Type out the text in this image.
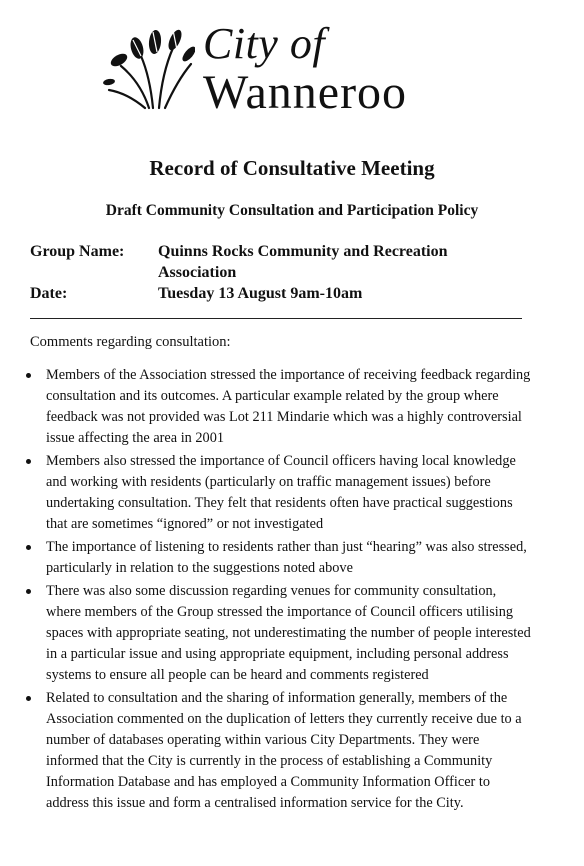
City of
Wanneroo
Record of Consultative Meeting
Draft Community Consultation and Participation Policy
Group Name: Quinns Rocks Community and Recreation Association
Date:	Tuesday 13 August 9am-10am
Comments regarding consultation:
Members of the Association stressed the importance of receiving feedback regarding consultation and its outcomes. A particular example related by the group where feedback was not provided was Lot 211 Mindarie which was a highly controversial issue affecting the area in 2001
Members also stressed the importance of Council officers having local knowledge and working with residents (particularly on traffic management issues) before undertaking consultation. They felt that residents often have practical suggestions that are sometimes “ignored” or not investigated
The importance of listening to residents rather than just “hearing” was also stressed, particularly in relation to the suggestions noted above
There was also some discussion regarding venues for community consultation, where members of the Group stressed the importance of Council officers utilising spaces with appropriate seating, not underestimating the number of people interested in a particular issue and using appropriate equipment, including personal address systems to ensure all people can be heard and comments registered
Related to consultation and the sharing of information generally, members of the Association commented on the duplication of letters they currently receive due to a number of databases operating within various City Departments. They were informed that the City is currently in the process of establishing a Community Information Database and has employed a Community Information Officer to address this issue and form a centralised information service for the City.
